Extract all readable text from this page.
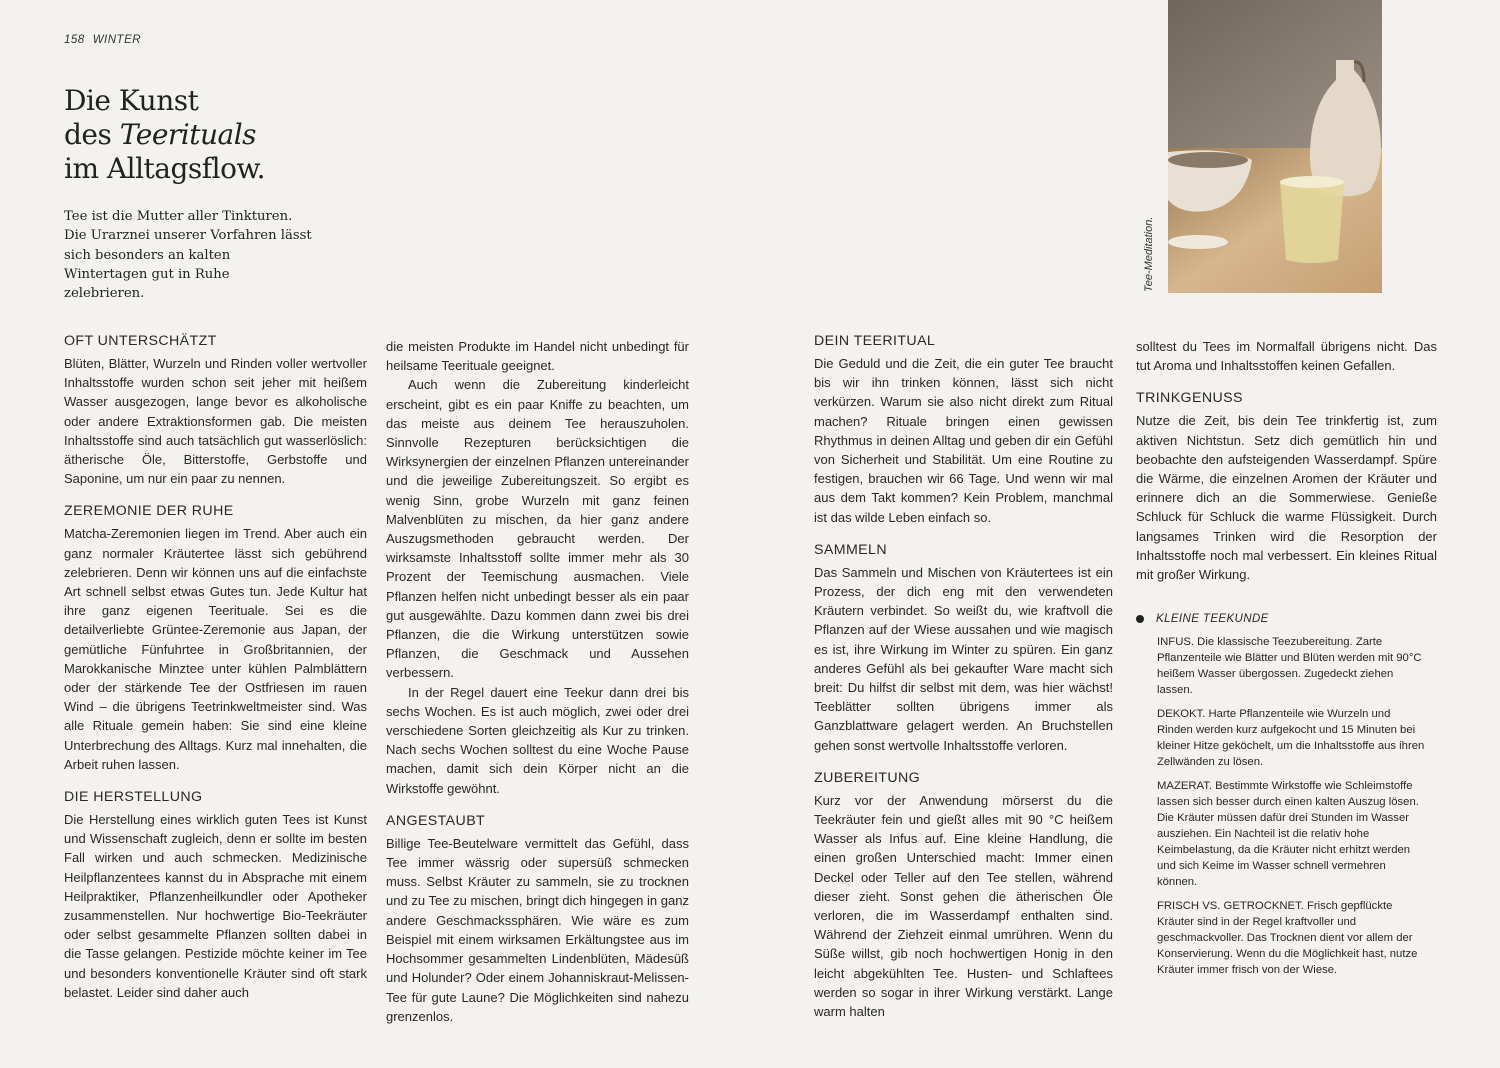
158 WINTER
Die Kunst
des Teerituals
im Alltagsflow.
Tee ist die Mutter aller Tinkturen. Die Urarznei unserer Vorfahren lässt sich besonders an kalten Wintertagen gut in Ruhe zelebrieren.
Tee-Meditation.
OFT UNTERSCHÄTZT

Blüten, Blätter, Wurzeln und Rinden voller wertvoller Inhaltsstoffe wurden schon seit jeher mit heißem Wasser ausgezogen, lange bevor es alkoholische oder andere Extraktionsformen gab. Die meisten Inhaltsstoffe sind auch tatsächlich gut wasserlöslich: ätherische Öle, Bitterstoffe, Gerbstoffe und Saponine, um nur ein paar zu nennen.

ZEREMONIE DER RUHE

Matcha-Zeremonien liegen im Trend. Aber auch ein ganz normaler Kräutertee lässt sich gebührend zelebrieren. Denn wir können uns auf die einfachste Art schnell selbst etwas Gutes tun. Jede Kultur hat ihre ganz eigenen Teerituale. Sei es die detailverliebte Grüntee-Zeremonie aus Japan, der gemütliche Fünfuhrtee in Großbritannien, der Marokkanische Minztee unter kühlen Palmblättern oder der stärkende Tee der Ostfriesen im rauen Wind – die übrigens Teetrinkweltmeister sind. Was alle Rituale gemein haben: Sie sind eine kleine Unterbrechung des Alltags. Kurz mal innehalten, die Arbeit ruhen lassen.

DIE HERSTELLUNG

Die Herstellung eines wirklich guten Tees ist Kunst und Wissenschaft zugleich, denn er sollte im besten Fall wirken und auch schmecken. Medizinische Heilpflanzentees kannst du in Absprache mit einem Heilpraktiker, Pflanzenheilkundler oder Apotheker zusammenstellen. Nur hochwertige Bio-Teekräuter oder selbst gesammelte Pflanzen sollten dabei in die Tasse gelangen. Pestizide möchte keiner im Tee und besonders konventionelle Kräuter sind oft stark belastet. Leider sind daher auch

die meisten Produkte im Handel nicht unbedingt für heilsame Teerituale geeignet.

Auch wenn die Zubereitung kinderleicht erscheint, gibt es ein paar Kniffe zu beachten, um das meiste aus deinem Tee herauszuholen. Sinnvolle Rezepturen berücksichtigen die Wirksynergien der einzelnen Pflanzen untereinander und die jeweilige Zubereitungszeit. So ergibt es wenig Sinn, grobe Wurzeln mit ganz feinen Malvenblüten zu mischen, da hier ganz andere Auszugsmethoden gebraucht werden. Der wirksamste Inhaltsstoff sollte immer mehr als 30 Prozent der Teemischung ausmachen. Viele Pflanzen helfen nicht unbedingt besser als ein paar gut ausgewählte. Dazu kommen dann zwei bis drei Pflanzen, die die Wirkung unterstützen sowie Pflanzen, die Geschmack und Aussehen verbessern.

In der Regel dauert eine Teekur dann drei bis sechs Wochen. Es ist auch möglich, zwei oder drei verschiedene Sorten gleichzeitig als Kur zu trinken. Nach sechs Wochen solltest du eine Woche Pause machen, damit sich dein Körper nicht an die Wirkstoffe gewöhnt.

ANGESTAUBT

Billige Tee-Beutelware vermittelt das Gefühl, dass Tee immer wässrig oder supersüß schmecken muss. Selbst Kräuter zu sammeln, sie zu trocknen und zu Tee zu mischen, bringt dich hingegen in ganz andere Geschmackssphären. Wie wäre es zum Beispiel mit einem wirksamen Erkältungstee aus im Hochsommer gesammelten Lindenblüten, Mädesüß und Holunder? Oder einem Johanniskraut-Melissen-Tee für gute Laune? Die Möglichkeiten sind nahezu grenzenlos.

DEIN TEERITUAL

Die Geduld und die Zeit, die ein guter Tee braucht bis wir ihn trinken können, lässt sich nicht verkürzen. Warum sie also nicht direkt zum Ritual machen? Rituale bringen einen gewissen Rhythmus in deinen Alltag und geben dir ein Gefühl von Sicherheit und Stabilität. Um eine Routine zu festigen, brauchen wir 66 Tage. Und wenn wir mal aus dem Takt kommen? Kein Problem, manchmal ist das wilde Leben einfach so.

SAMMELN

Das Sammeln und Mischen von Kräutertees ist ein Prozess, der dich eng mit den verwendeten Kräutern verbindet. So weißt du, wie kraftvoll die Pflanzen auf der Wiese aussahen und wie magisch es ist, ihre Wirkung im Winter zu spüren. Ein ganz anderes Gefühl als bei gekaufter Ware macht sich breit: Du hilfst dir selbst mit dem, was hier wächst! Teeblätter sollten übrigens immer als Ganzblattware gelagert werden. An Bruchstellen gehen sonst wertvolle Inhaltsstoffe verloren.

ZUBEREITUNG

Kurz vor der Anwendung mörserst du die Teekräuter fein und gießt alles mit 90 °C heißem Wasser als Infus auf. Eine kleine Handlung, die einen großen Unterschied macht: Immer einen Deckel oder Teller auf den Tee stellen, während dieser zieht. Sonst gehen die ätherischen Öle verloren, die im Wasserdampf enthalten sind. Während der Ziehzeit einmal umrühren. Wenn du Süße willst, gib noch hochwertigen Honig in den leicht abgekühlten Tee. Husten- und Schlaftees werden so sogar in ihrer Wirkung verstärkt. Lange warm halten

solltest du Tees im Normalfall übrigens nicht. Das tut Aroma und Inhaltsstoffen keinen Gefallen.

TRINKGENUSS

Nutze die Zeit, bis dein Tee trinkfertig ist, zum aktiven Nichtstun. Setz dich gemütlich hin und beobachte den aufsteigenden Wasserdampf. Spüre die Wärme, die einzelnen Aromen der Kräuter und erinnere dich an die Sommerwiese. Genieße Schluck für Schluck die warme Flüssigkeit. Durch langsames Trinken wird die Resorption der Inhaltsstoffe noch mal verbessert. Ein kleines Ritual mit großer Wirkung.

KLEINE TEEKUNDE

INFUS. Die klassische Teezubereitung. Zarte Pflanzenteile wie Blätter und Blüten werden mit 90°C heißem Wasser übergossen. Zugedeckt ziehen lassen.

DEKOKT. Harte Pflanzenteile wie Wurzeln und Rinden werden kurz aufgekocht und 15 Minuten bei kleiner Hitze geköchelt, um die Inhaltsstoffe aus ihren Zellwänden zu lösen.

MAZERAT. Bestimmte Wirkstoffe wie Schleimstoffe lassen sich besser durch einen kalten Auszug lösen. Die Kräuter müssen dafür drei Stunden im Wasser ausziehen. Ein Nachteil ist die relativ hohe Keimbelastung, da die Kräuter nicht erhitzt werden und sich Keime im Wasser schnell vermehren können.

FRISCH VS. GETROCKNET. Frisch gepflückte Kräuter sind in der Regel kraftvoller und geschmackvoller. Das Trocknen dient vor allem der Konservierung. Wenn du die Möglichkeit hast, nutze Kräuter immer frisch von der Wiese.
